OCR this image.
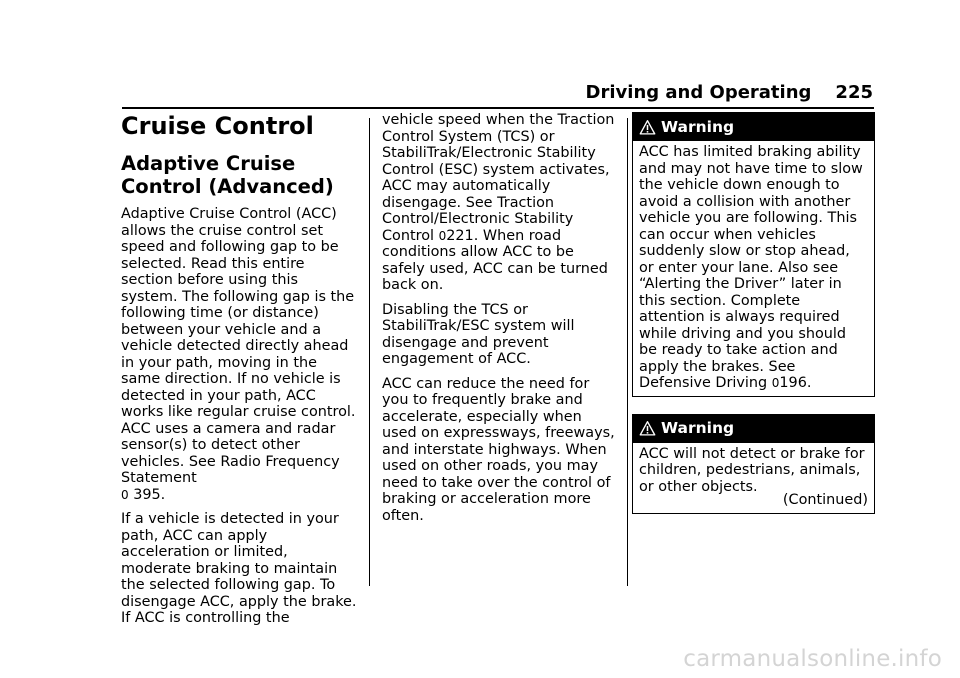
Driving and Operating 225
Cruise Control
Adaptive Cruise Control (Advanced)

Adaptive Cruise Control (ACC) allows the cruise control set speed and following gap to be selected. Read this entire section before using this system. The following gap is the following time (or distance) between your vehicle and a vehicle detected directly ahead in your path, moving in the same direction. If no vehicle is detected in your path, ACC works like regular cruise control. ACC uses a camera and radar sensor(s) to detect other vehicles. See Radio Frequency Statement
0 395.

If a vehicle is detected in your path, ACC can apply acceleration or limited, moderate braking to maintain the selected following gap. To disengage ACC, apply the brake. If ACC is controlling the

vehicle speed when the Traction Control System (TCS) or StabiliTrak/Electronic Stability Control (ESC) system activates, ACC may automatically disengage. See Traction Control/Electronic Stability Control 0221. When road conditions allow ACC to be safely used, ACC can be turned back on.

Disabling the TCS or StabiliTrak/ESC system will disengage and prevent engagement of ACC.

ACC can reduce the need for you to frequently brake and accelerate, especially when used on expressways, freeways, and interstate highways. When used on other roads, you may need to take over the control of braking or acceleration more often.

Warning

ACC has limited braking ability and may not have time to slow the vehicle down enough to avoid a collision with another vehicle you are following. This can occur when vehicles suddenly slow or stop ahead, or enter your lane. Also see “Alerting the Driver” later in this section. Complete attention is always required while driving and you should be ready to take action and apply the brakes. See Defensive Driving 0196.

Warning

ACC will not detect or brake for children, pedestrians, animals, or other objects.

(Continued)

carmanualsonline.info
